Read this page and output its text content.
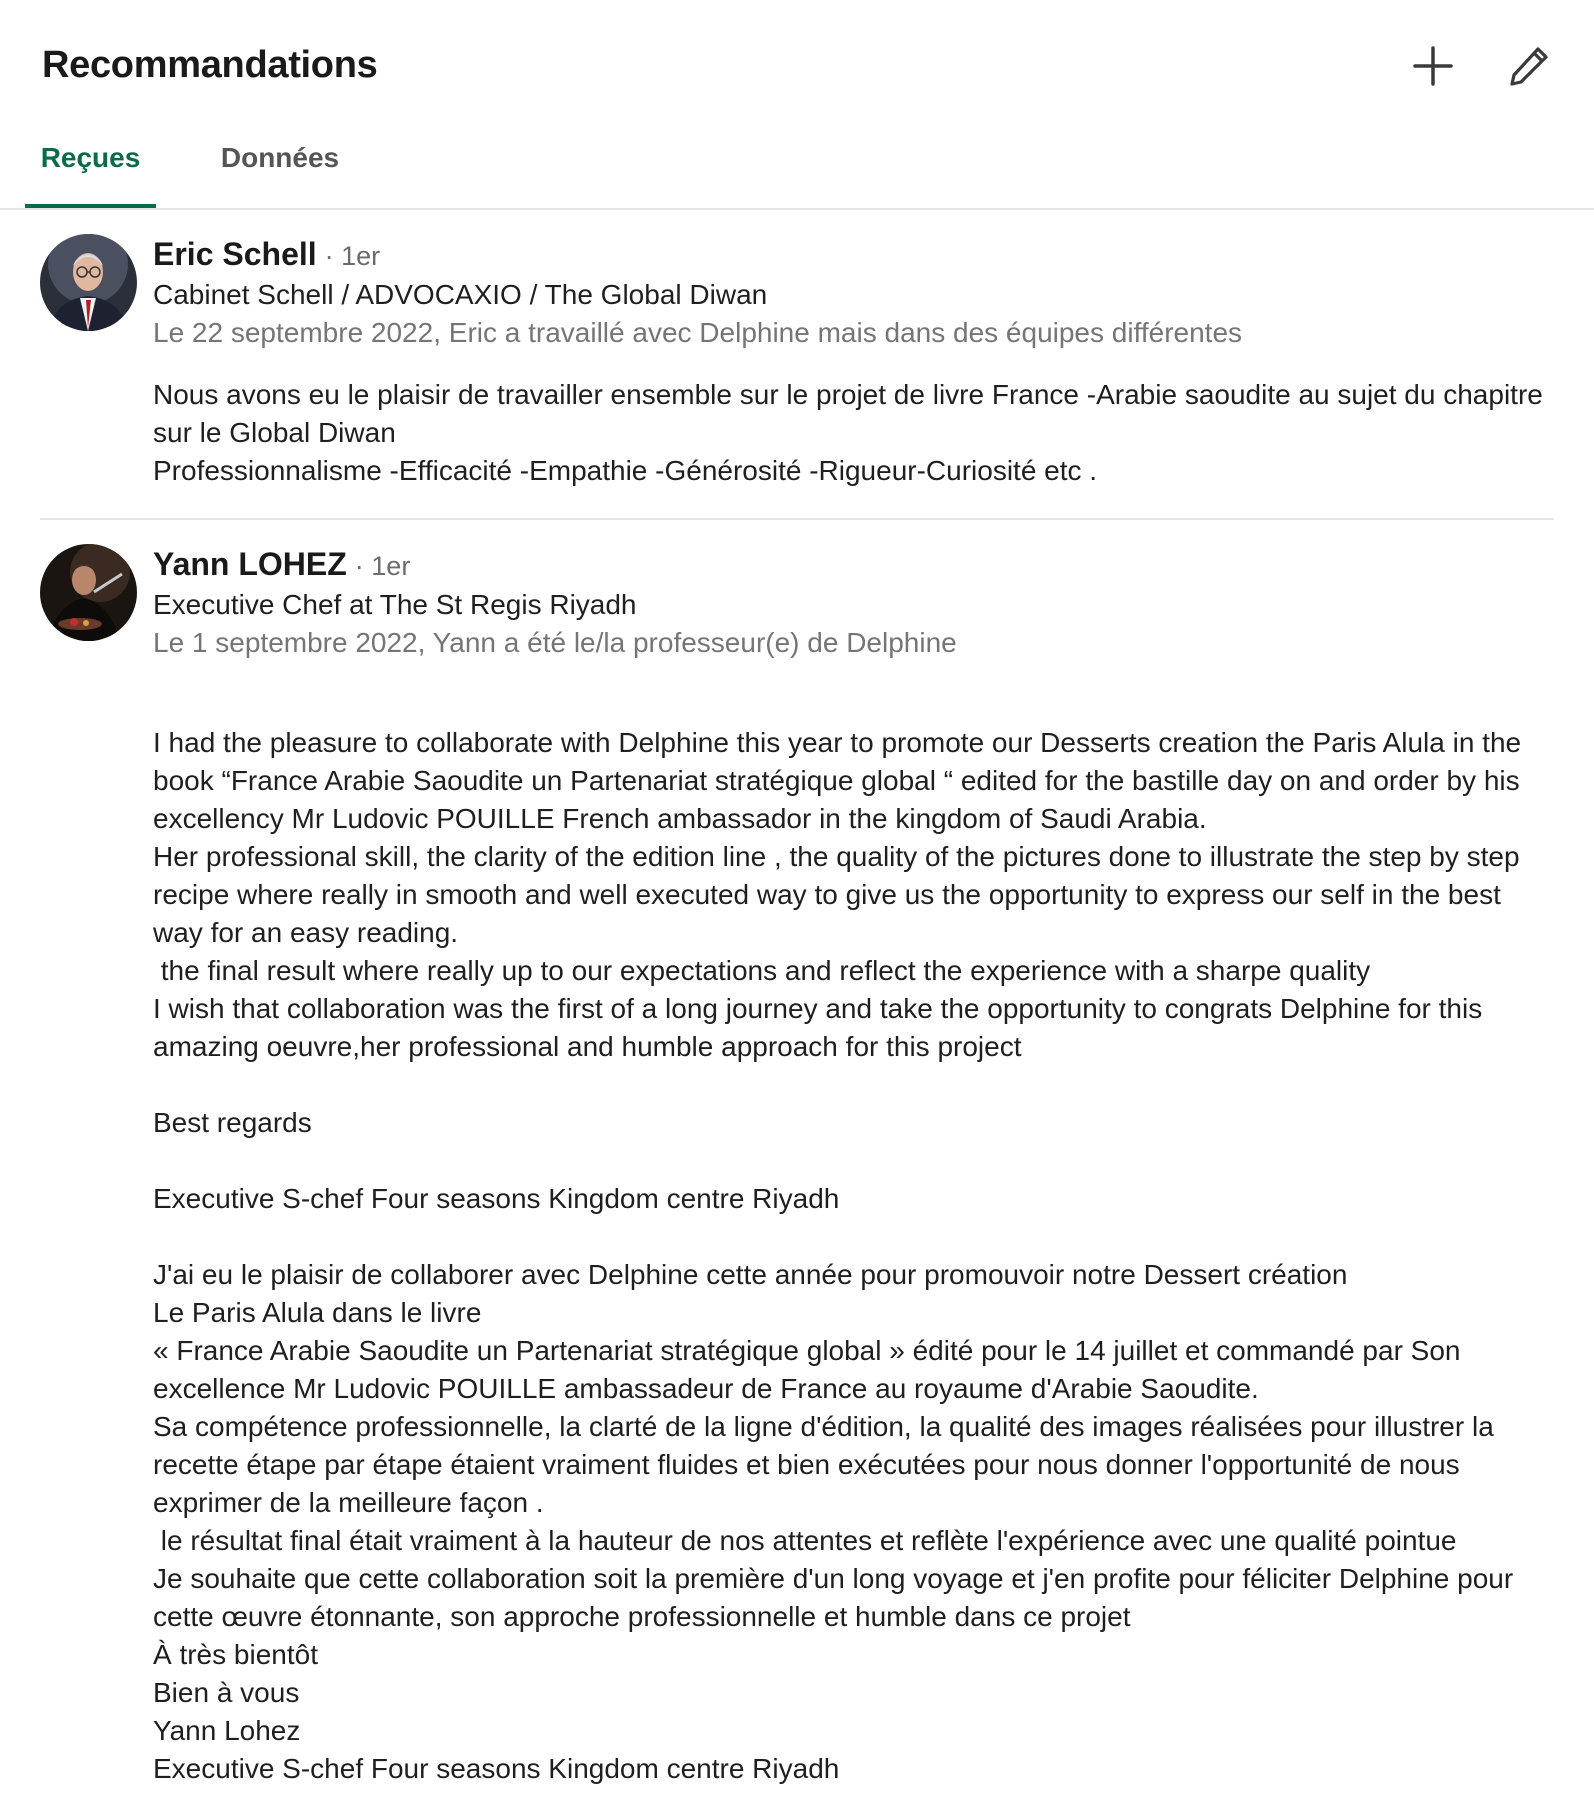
Recommandations
Reçues	Données
Eric Schell · 1er
Cabinet Schell / ADVOCAXIO / The Global Diwan
Le 22 septembre 2022, Eric a travaillé avec Delphine mais dans des équipes différentes
Nous avons eu le plaisir de travailler ensemble sur le projet de livre France -Arabie saoudite au sujet du chapitre sur le Global Diwan
Professionnalisme -Efficacité -Empathie -Générosité -Rigueur-Curiosité etc .
Yann LOHEZ · 1er
Executive Chef at The St Regis Riyadh
Le 1 septembre 2022, Yann a été le/la professeur(e) de Delphine
I had the pleasure to collaborate with Delphine this year to promote our Desserts creation the Paris Alula in the book “France Arabie Saoudite un Partenariat stratégique global “ edited for the bastille day on and order by his excellency Mr Ludovic POUILLE French ambassador in the kingdom of Saudi Arabia.
Her professional skill, the clarity of the edition line , the quality of the pictures done to illustrate the step by step recipe where really in smooth and well executed way to give us the opportunity to express our self in the best way for an easy reading.
the final result where really up to our expectations and reflect the experience with a sharpe quality
I wish that collaboration was the first of a long journey and take the opportunity to congrats Delphine for this amazing oeuvre,her professional and humble approach for this project

Best regards

Executive S-chef Four seasons Kingdom centre Riyadh

J'ai eu le plaisir de collaborer avec Delphine cette année pour promouvoir notre Dessert création
Le Paris Alula dans le livre
« France Arabie Saoudite un Partenariat stratégique global » édité pour le 14 juillet et commandé par Son excellence Mr Ludovic POUILLE ambassadeur de France au royaume d'Arabie Saoudite.
Sa compétence professionnelle, la clarté de la ligne d'édition, la qualité des images réalisées pour illustrer la recette étape par étape étaient vraiment fluides et bien exécutées pour nous donner l'opportunité de nous exprimer de la meilleure façon .
le résultat final était vraiment à la hauteur de nos attentes et reflète l'expérience avec une qualité pointue
Je souhaite que cette collaboration soit la première d'un long voyage et j'en profite pour féliciter Delphine pour cette œuvre étonnante, son approche professionnelle et humble dans ce projet
À très bientôt
Bien à vous
Yann Lohez
Executive S-chef Four seasons Kingdom centre Riyadh
